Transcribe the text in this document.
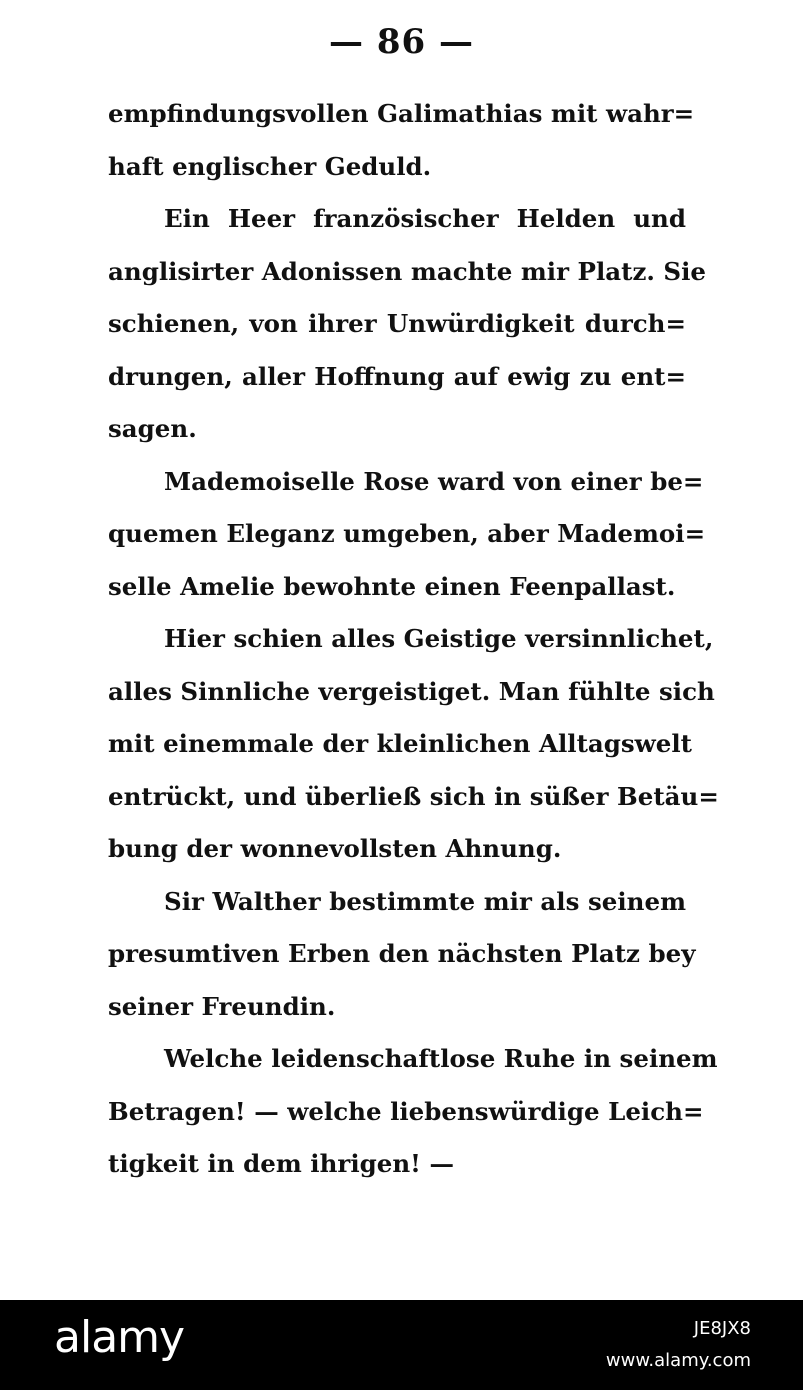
— 86 —
empfindungsvollen Galimathias mit wahr=
haft englischer Geduld.
Ein Heer französischer Helden und
anglisirter Adonissen machte mir Platz. Sie
schienen, von ihrer Unwürdigkeit durch=
drungen, aller Hoffnung auf ewig zu ent=
sagen.
Mademoiselle Rose ward von einer be=
quemen Eleganz umgeben, aber Mademoi=
selle Amelie bewohnte einen Feenpallast.
Hier schien alles Geistige versinnlichet,
alles Sinnliche vergeistiget. Man fühlte sich
mit einemmale der kleinlichen Alltagswelt
entrückt, und überließ sich in süßer Betäu=
bung der wonnevollsten Ahnung.
Sir Walther bestimmte mir als seinem
presumtiven Erben den nächsten Platz bey
seiner Freundin.
Welche leidenschaftlose Ruhe in seinem
Betragen! — welche liebenswürdige Leich=
tigkeit in dem ihrigen! —
alamy	JE8JX8
www.alamy.com
